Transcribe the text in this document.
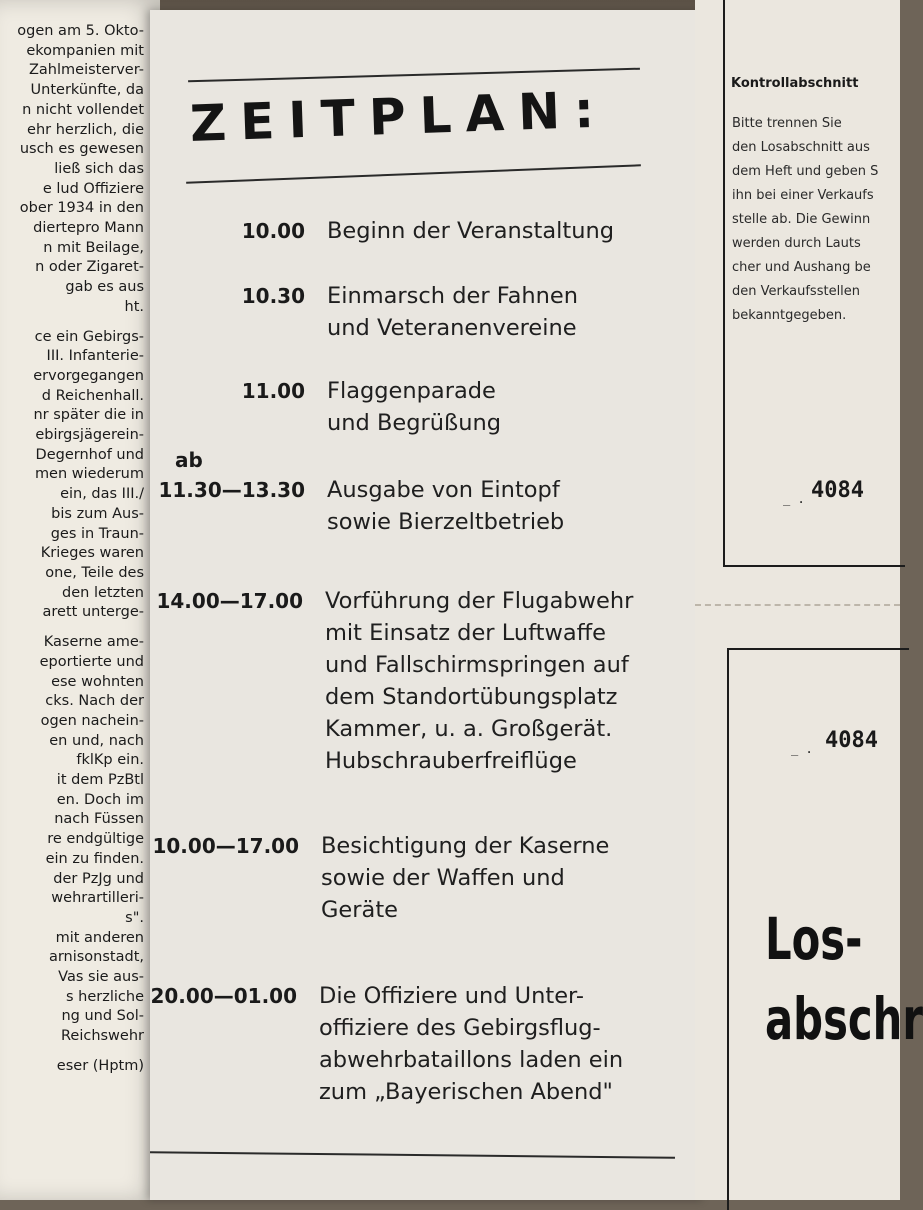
ogen am 5. Okto-
ekompanien mit
Zahlmeisterver-
Unterkünfte, da
n nicht vollendet
ehr herzlich, die
usch es gewesen
ließ sich das
e lud Offiziere
ober 1934 in den
diertepro Mann
n mit Beilage,
n oder Zigaret-
gab es aus
ht.
ce ein Gebirgs-
III. Infanterie-
ervorgegangen
d Reichenhall.
nr später die in
ebirgsjägerein-
Degernhof und
men wiederum
ein, das III./
bis zum Aus-
ges in Traun-
Krieges waren
one, Teile des
den letzten
arett unterge-
Kaserne ame-
eportierte und
ese wohnten
cks. Nach der
ogen nachein-
en und, nach
fklKp ein.
it dem PzBtl
en. Doch im
nach Füssen
re endgültige
ein zu finden.
der PzJg und
wehrartilleri-
s".
mit anderen
arnisonstadt,
Vas sie aus-
s herzliche
ng und Sol-
Reichswehr
eser (Hptm)
ZEITPLAN:
10.00 Beginn der Veranstaltung
10.30 Einmarsch der Fahnen
und Veteranenvereine
11.00 Flaggenparade
und Begrüßung
ab
11.30—13.30 Ausgabe von Eintopf
sowie Bierzeltbetrieb
14.00—17.00 Vorführung der Flugabwehr
mit Einsatz der Luftwaffe
und Fallschirmspringen auf
dem Standortübungsplatz
Kammer, u. a. Großgerät.
Hubschrauberfreiflüge
10.00—17.00 Besichtigung der Kaserne
sowie der Waffen und
Geräte
20.00—01.00 Die Offiziere und Unter-
offiziere des Gebirgsflug-
abwehrbataillons laden ein
zum „Bayerischen Abend"
Kontrollabschnitt
Bitte trennen Sie
den Losabschnitt aus
dem Heft und geben S
ihn bei einer Verkaufs
stelle ab. Die Gewinn
werden durch Lauts
cher und Aushang be
den Verkaufsstellen
bekanntgegeben.
_ . 4084
_ . 4084
Los-
abschr
